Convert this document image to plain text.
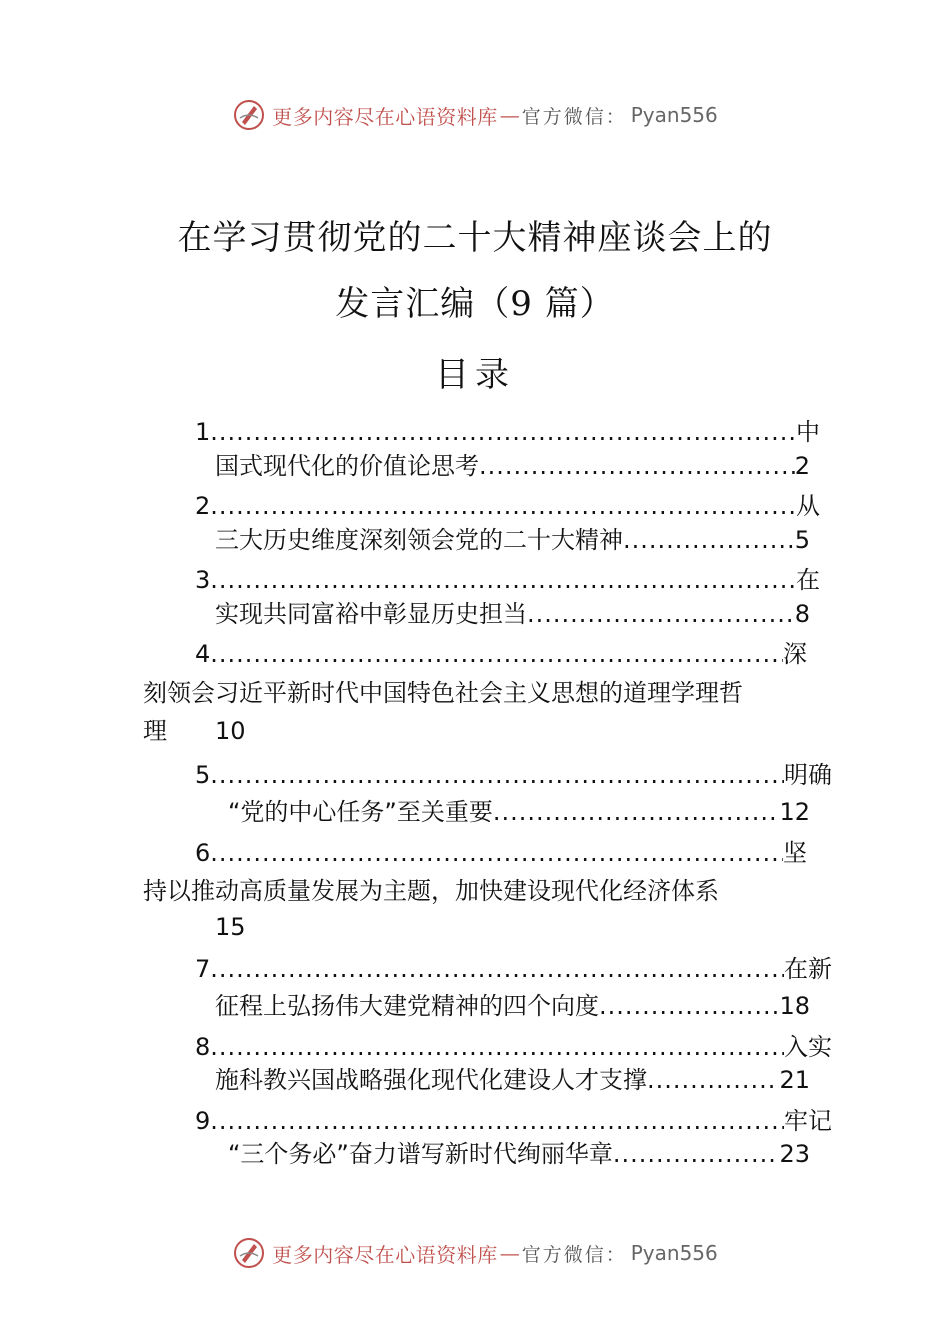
更多内容尽在心语资料库 — 官方微信： Pyan556
在学习贯彻党的二十大精神座谈会上的
发言汇编（9 篇）
目录
1 .....	中
国式现代化的价值论思考 .....	2
2 .....	从
三大历史维度深刻领会党的二十大精神 .....	5
3 .....	在
实现共同富裕中彰显历史担当 .....	8
4 .....	深
刻领会习近平新时代中国特色社会主义思想的道理学理哲
理 10
5 .....	明确
“党的中心任务”至关重要 .....	12
6 .....	坚
持以推动高质量发展为主题，加快建设现代化经济体系
15
7 .....	在新
征程上弘扬伟大建党精神的四个向度 .....	18
8 .....	入实
施科教兴国战略强化现代化建设人才支撑 .....	21
9 .....	牢记
“三个务必”奋力谱写新时代绚丽华章 .....	23
更多内容尽在心语资料库 — 官方微信： Pyan556
